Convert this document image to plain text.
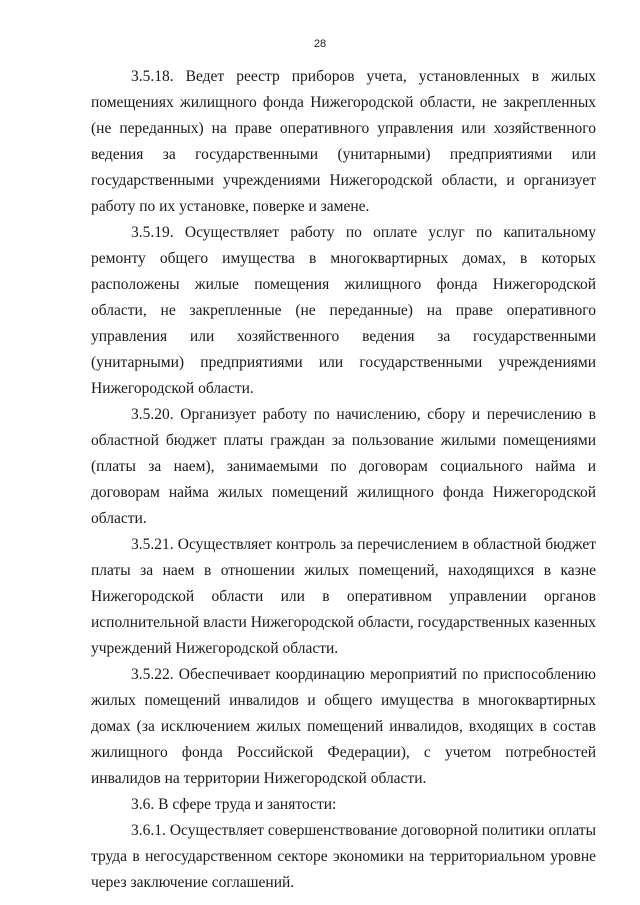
28

3.5.18. Ведет реестр приборов учета, установленных в жилых помещениях жилищного фонда Нижегородской области, не закрепленных (не переданных) на праве оперативного управления или хозяйственного ведения за государственными (унитарными) предприятиями или государственными учреждениями Нижегородской области, и организует работу по их установке, поверке и замене.

3.5.19. Осуществляет работу по оплате услуг по капитальному ремонту общего имущества в многоквартирных домах, в которых расположены жилые помещения жилищного фонда Нижегородской области, не закрепленные (не переданные) на праве оперативного управления или хозяйственного ведения за государственными (унитарными) предприятиями или государственными учреждениями Нижегородской области.

3.5.20. Организует работу по начислению, сбору и перечислению в областной бюджет платы граждан за пользование жилыми помещениями (платы за наем), занимаемыми по договорам социального найма и договорам найма жилых помещений жилищного фонда Нижегородской области.

3.5.21. Осуществляет контроль за перечислением в областной бюджет платы за наем в отношении жилых помещений, находящихся в казне Нижегородской области или в оперативном управлении органов исполнительной власти Нижегородской области, государственных казенных учреждений Нижегородской области.

3.5.22. Обеспечивает координацию мероприятий по приспособлению жилых помещений инвалидов и общего имущества в многоквартирных домах (за исключением жилых помещений инвалидов, входящих в состав жилищного фонда Российской Федерации), с учетом потребностей инвалидов на территории Нижегородской области.

3.6. В сфере труда и занятости:

3.6.1. Осуществляет совершенствование договорной политики оплаты труда в негосударственном секторе экономики на территориальном уровне через заключение соглашений.
